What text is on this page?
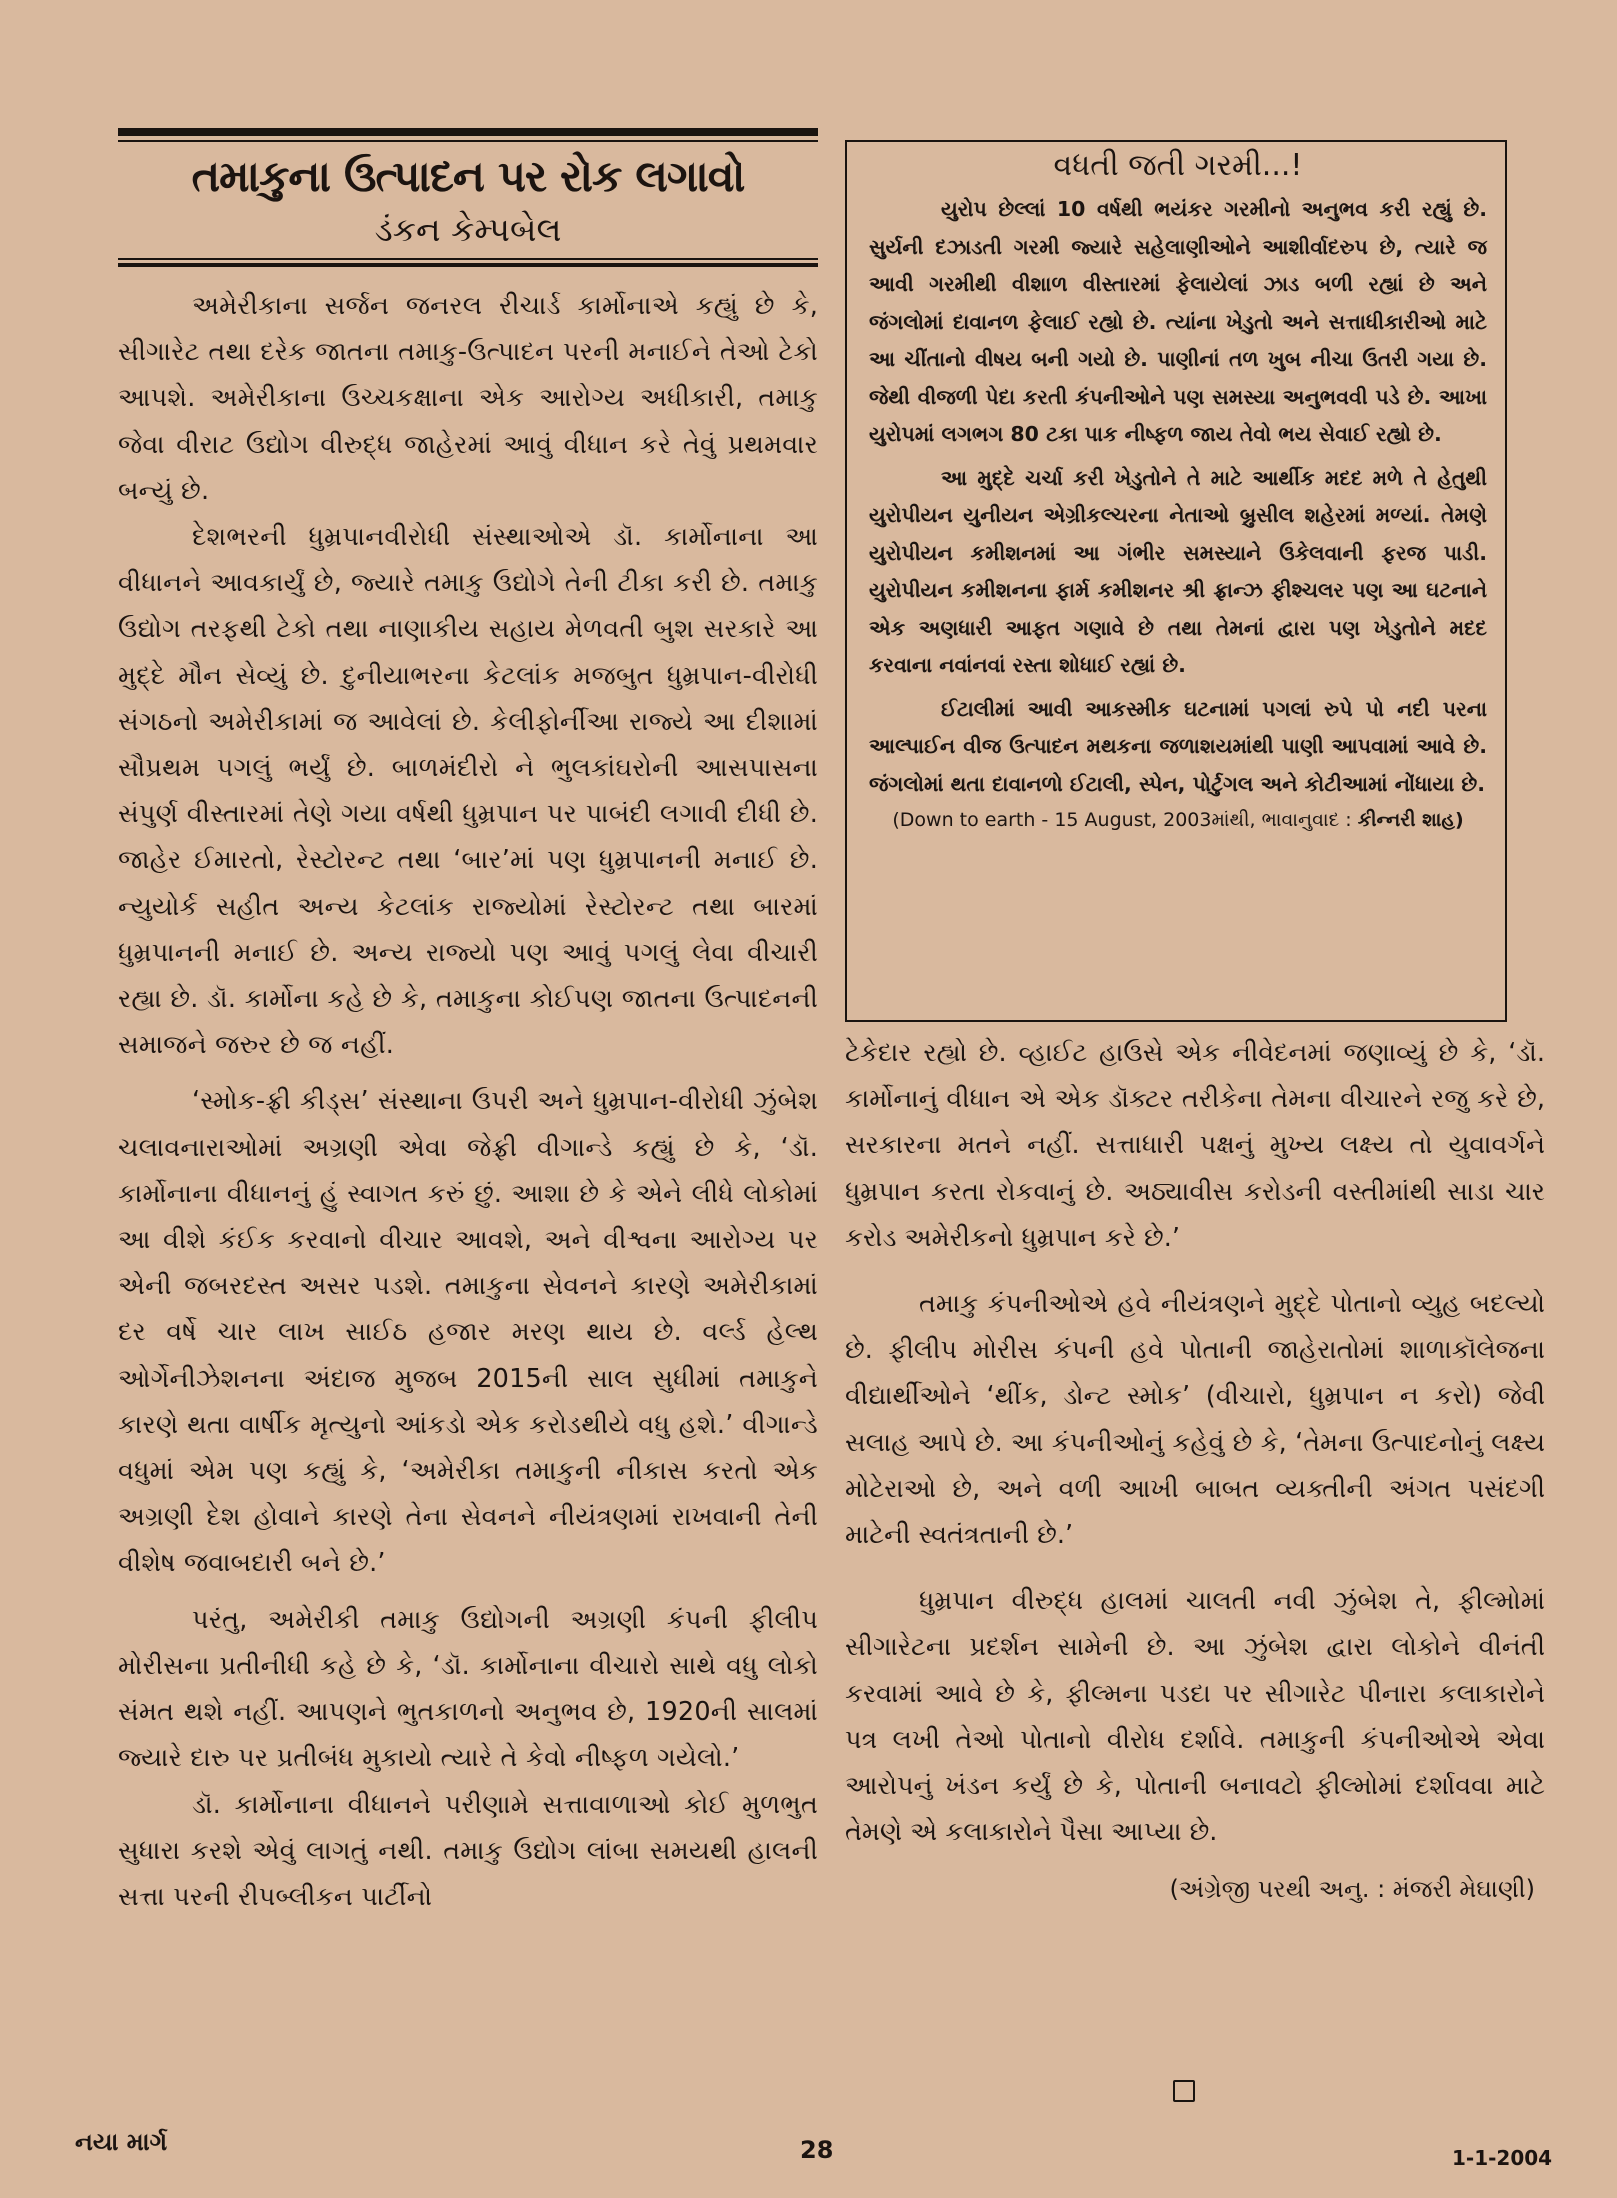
તમાકુના ઉત્પાદન પર રોક લગાવો
ડંકન કેમ્પબેલ

અમેરીકાના સર્જન જનરલ રીચાર્ડ કાર્મોનાએ કહ્યું છે કે, સીગારેટ તથા દરેક જાતના તમાકુ-ઉત્પાદન પરની મનાઈને તેઓ ટેકો આપશે. અમેરીકાના ઉચ્ચકક્ષાના એક આરોગ્ય અધીકારી, તમાકુ જેવા વીરાટ ઉદ્યોગ વીરુદ્ધ જાહેરમાં આવું વીધાન કરે તેવું પ્રથમવાર બન્યું છે.

દેશભરની ધુમ્રપાનવીરોધી સંસ્થાઓએ ડૉ. કાર્મોનાના આ વીધાનને આવકાર્યું છે, જ્યારે તમાકુ ઉદ્યોગે તેની ટીકા કરી છે. તમાકુ ઉદ્યોગ તરફથી ટેકો તથા નાણાકીય સહાય મેળવતી બુશ સરકારે આ મુદ્દે મૌન સેવ્યું છે. દુનીયાભરના કેટલાંક મજબુત ધુમ્રપાન-વીરોધી સંગઠનો અમેરીકામાં જ આવેલાં છે. કેલીફોર્નીઆ રાજ્યે આ દીશામાં સૌપ્રથમ પગલું ભર્યું છે. બાળમંદીરો ને ભુલકાંઘરોની આસપાસના સંપુર્ણ વીસ્તારમાં તેણે ગયા વર્ષથી ધુમ્રપાન પર પાબંદી લગાવી દીધી છે. જાહેર ઈમારતો, રેસ્ટોરન્ટ તથા ‘બાર’માં પણ ધુમ્રપાનની મનાઈ છે. ન્યુયોર્ક સહીત અન્ય કેટલાંક રાજ્યોમાં રેસ્ટોરન્ટ તથા બારમાં ધુમ્રપાનની મનાઈ છે. અન્ય રાજ્યો પણ આવું પગલું લેવા વીચારી રહ્યા છે. ડૉ. કાર્મોના કહે છે કે, તમાકુના કોઈપણ જાતના ઉત્પાદનની સમાજને જરુર છે જ નહીં.

‘સ્મોક-ફ્રી કીડ્સ’ સંસ્થાના ઉપરી અને ધુમ્રપાન-વીરોધી ઝુંબેશ ચલાવનારાઓમાં અગ્રણી એવા જેફ્રી વીગાન્ડે કહ્યું છે કે, ‘ડૉ. કાર્મોનાના વીધાનનું હું સ્વાગત કરું છું. આશા છે કે એને લીધે લોકોમાં આ વીશે કંઈક કરવાનો વીચાર આવશે, અને વીશ્વના આરોગ્ય પર એની જબરદસ્ત અસર પડશે. તમાકુના સેવનને કારણે અમેરીકામાં દર વર્ષે ચાર લાખ સાઈઠ હજાર મરણ થાય છે. વર્લ્ડ હેલ્થ ઓર્ગેનીઝેશનના અંદાજ મુજબ 2015ની સાલ સુધીમાં તમાકુને કારણે થતા વાર્ષીક મૃત્યુનો આંકડો એક કરોડથીયે વધુ હશે.’ વીગાન્ડે વધુમાં એમ પણ કહ્યું કે, ‘અમેરીકા તમાકુની નીકાસ કરતો એક અગ્રણી દેશ હોવાને કારણે તેના સેવનને નીયંત્રણમાં રાખવાની તેની વીશેષ જવાબદારી બને છે.’

પરંતુ, અમેરીકી તમાકુ ઉદ્યોગની અગ્રણી કંપની ફીલીપ મોરીસના પ્રતીનીધી કહે છે કે, ‘ડૉ. કાર્મોનાના વીચારો સાથે વધુ લોકો સંમત થશે નહીં. આપણને ભુતકાળનો અનુભવ છે, 1920ની સાલમાં જ્યારે દારુ પર પ્રતીબંધ મુકાયો ત્યારે તે કેવો નીષ્ફળ ગયેલો.’

ડૉ. કાર્મોનાના વીધાનને પરીણામે સત્તાવાળાઓ કોઈ મુળભુત સુધારા કરશે એવું લાગતું નથી. તમાકુ ઉદ્યોગ લાંબા સમયથી હાલની સત્તા પરની રીપબ્લીકન પાર્ટીનો

વધતી જતી ગરમી...!

યુરોપ છેલ્લાં 10 વર્ષથી ભયંકર ગરમીનો અનુભવ કરી રહ્યું છે. સુર્યની દઝાડતી ગરમી જ્યારે સહેલાણીઓને આશીર્વાદરુપ છે, ત્યારે જ આવી ગરમીથી વીશાળ વીસ્તારમાં ફેલાયેલાં ઝાડ બળી રહ્યાં છે અને જંગલોમાં દાવાનળ ફેલાઈ રહ્યો છે. ત્યાંના ખેડુતો અને સત્તાધીકારીઓ માટે આ ચીંતાનો વીષય બની ગયો છે. પાણીનાં તળ ખુબ નીચા ઉતરી ગયા છે. જેથી વીજળી પેદા કરતી કંપનીઓને પણ સમસ્યા અનુભવવી પડે છે. આખા યુરોપમાં લગભગ 80 ટકા પાક નીષ્ફળ જાય તેવો ભય સેવાઈ રહ્યો છે.

આ મુદ્દે ચર્ચા કરી ખેડુતોને તે માટે આર્થીક મદદ મળે તે હેતુથી યુરોપીયન યુનીયન એગ્રીકલ્ચરના નેતાઓ બ્રુસીલ શહેરમાં મળ્યાં. તેમણે યુરોપીયન કમીશનમાં આ ગંભીર સમસ્યાને ઉકેલવાની ફરજ પાડી. યુરોપીયન કમીશનના ફાર્મ કમીશનર શ્રી ફ્રાન્ઝ ફીશ્ચલર પણ આ ઘટનાને એક અણધારી આફત ગણાવે છે તથા તેમનાં દ્વારા પણ ખેડુતોને મદદ કરવાના નવાંનવાં રસ્તા શોધાઈ રહ્યાં છે.

ઈટાલીમાં આવી આકસ્મીક ઘટનામાં પગલાં રુપે પો નદી પરના આલ્પાઈન વીજ ઉત્પાદન મથકના જળાશયમાંથી પાણી આપવામાં આવે છે. જંગલોમાં થતા દાવાનળો ઈટાલી, સ્પેન, પોર્ટુગલ અને કોટીઆમાં નોંધાયા છે.

(Down to earth - 15 August, 2003માંથી, ભાવાનુવાદ : કીન્નરી શાહ)

ટેકેદાર રહ્યો છે. વ્હાઈટ હાઉસે એક નીવેદનમાં જણાવ્યું છે કે, ‘ડૉ. કાર્મોનાનું વીધાન એ એક ડૉક્ટર તરીકેના તેમના વીચારને રજુ કરે છે, સરકારના મતને નહીં. સત્તાધારી પક્ષનું મુખ્ય લક્ષ્ય તો યુવાવર્ગને ધુમ્રપાન કરતા રોકવાનું છે. અઠ્યાવીસ કરોડની વસ્તીમાંથી સાડા ચાર કરોડ અમેરીકનો ધુમ્રપાન કરે છે.’

તમાકુ કંપનીઓએ હવે નીયંત્રણને મુદ્દે પોતાનો વ્યુહ બદલ્યો છે. ફીલીપ મોરીસ કંપની હવે પોતાની જાહેરાતોમાં શાળાકૉલેજના વીદ્યાર્થીઓને ‘થીંક, ડોન્ટ સ્મોક’ (વીચારો, ધુમ્રપાન ન કરો) જેવી સલાહ આપે છે. આ કંપનીઓનું કહેવું છે કે, ‘તેમના ઉત્પાદનોનું લક્ષ્ય મોટેરાઓ છે, અને વળી આખી બાબત વ્યક્તીની અંગત પસંદગી માટેની સ્વતંત્રતાની છે.’

ધુમ્રપાન વીરુદ્ધ હાલમાં ચાલતી નવી ઝુંબેશ તે, ફીલ્મોમાં સીગારેટના પ્રદર્શન સામેની છે. આ ઝુંબેશ દ્વારા લોકોને વીનંતી કરવામાં આવે છે કે, ફીલ્મના પડદા પર સીગારેટ પીનારા કલાકારોને પત્ર લખી તેઓ પોતાનો વીરોધ દર્શાવે. તમાકુની કંપનીઓએ એવા આરોપનું ખંડન કર્યું છે કે, પોતાની બનાવટો ફીલ્મોમાં દર્શાવવા માટે તેમણે એ કલાકારોને પૈસા આપ્યા છે.

(અંગ્રેજી પરથી અનુ. : મંજરી મેઘાણી)
નયા માર્ગ	28	1-1-2004
